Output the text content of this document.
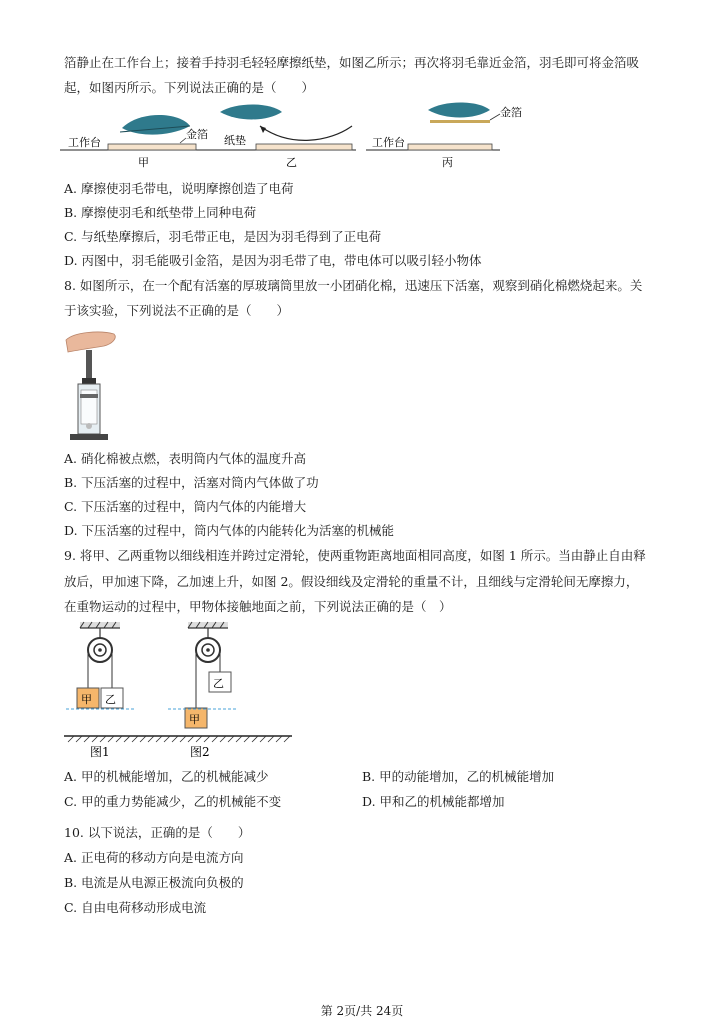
箔静止在工作台上；接着手持羽毛轻轻摩擦纸垫，如图乙所示；再次将羽毛靠近金箔，羽毛即可将金箔吸
起，如图丙所示。下列说法正确的是（　　）
金箔
工作台
甲
纸垫
乙
金箔
工作台
丙
A. 摩擦使羽毛带电，说明摩擦创造了电荷
B. 摩擦使羽毛和纸垫带上同种电荷
C. 与纸垫摩擦后，羽毛带正电，是因为羽毛得到了正电荷
D. 丙图中，羽毛能吸引金箔，是因为羽毛带了电，带电体可以吸引轻小物体
8. 如图所示，在一个配有活塞的厚玻璃筒里放一小团硝化棉，迅速压下活塞，观察到硝化棉燃烧起来。关
于该实验，下列说法不正确的是（　　）
A. 硝化棉被点燃，表明筒内气体的温度升高
B. 下压活塞的过程中，活塞对筒内气体做了功
C. 下压活塞的过程中，筒内气体的内能增大
D. 下压活塞的过程中，筒内气体的内能转化为活塞的机械能
9. 将甲、乙两重物以细线相连并跨过定滑轮，使两重物距离地面相同高度，如图 1 所示。当由静止自由释
放后，甲加速下降，乙加速上升，如图 2。假设细线及定滑轮的重量不计，且细线与定滑轮间无摩擦力，
在重物运动的过程中，甲物体接触地面之前，下列说法正确的是（　）
甲 乙
乙
甲
图1	图2
A. 甲的机械能增加，乙的机械能减少	B. 甲的动能增加，乙的机械能增加
C. 甲的重力势能减少，乙的机械能不变	D. 甲和乙的机械能都增加
10. 以下说法，正确的是（　　）
A. 正电荷的移动方向是电流方向
B. 电流是从电源正极流向负极的
C. 自由电荷移动形成电流
第 2页/共 24页
